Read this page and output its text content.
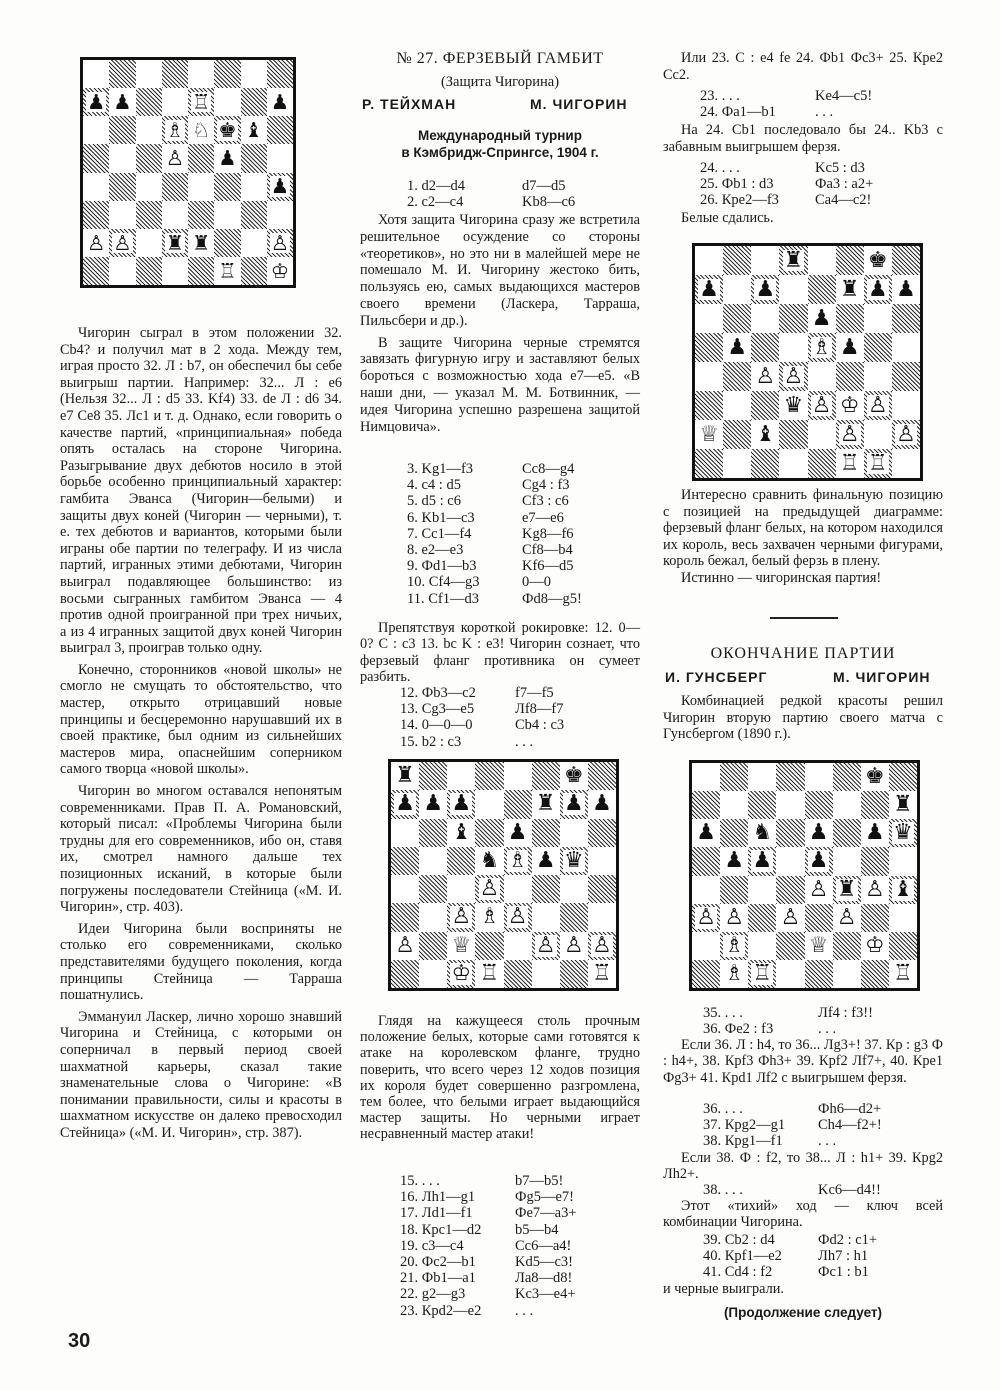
♟ ♟	♖	♟
♗ ♘ ♚ ♝
♙ ♟
♟
♙ ♙ ♜ ♜	♙
♖ ♔

Чигорин сыграл в этом положении 32. Cb4? и получил мат в 2 хода. Между тем, играя просто 32. Л : b7, он обеспечил бы себе выигрыш партии. Например: 32... Л : e6 (Нельзя 32... Л : d5 33. Kf4) 33. de Л : d6 34. e7 Ce8 35. Лc1 и т. д. Однако, если говорить о качестве партий, «принципиальная» победа опять осталась на стороне Чигорина. Разыгрывание двух дебютов носило в этой борьбе особенно принципиальный характер: гамбита Эванса (Чигорин—белыми) и защиты двух коней (Чигорин — черными), т. е. тех дебютов и вариантов, которыми были играны обе партии по телеграфу. И из числа партий, игранных этими дебютами, Чигорин выиграл подавляющее большинство: из восьми сыгранных гамбитом Эванса — 4 против одной проигранной при трех ничьих, а из 4 игранных защитой двух коней Чигорин выиграл 3, проиграв только одну.

Конечно, сторонников «новой школы» не смогло не смущать то обстоятельство, что мастер, открыто отрицавший новые принципы и бесцеремонно нарушавший их в своей практике, был одним из сильнейших мастеров мира, опаснейшим соперником самого творца «новой школы».

Чигорин во многом оставался непонятым современниками. Прав П. А. Романовский, который писал: «Проблемы Чигорина были трудны для его современников, ибо он, ставя их, смотрел намного дальше тех позиционных исканий, в которые были погружены последователи Стейница («М. И. Чигорин», стр. 403).

Идеи Чигорина были восприняты не столько его современниками, сколько представителями будущего поколения, когда принципы Стейница — Тарраша пошатнулись.

Эммануил Ласкер, лично хорошо знавший Чигорина и Стейница, с которыми он соперничал в первый период своей шахматной карьеры, сказал такие знаменательные слова о Чигорине: «В понимании правильности, силы и красоты в шахматном искусстве он далеко превосходил Стейница» («М. И. Чигорин», стр. 387).

30
№ 27. ФЕРЗЕВЫЙ ГАМБИТ
(Защита Чигорина)
Р. ТЕЙХМАН	М. ЧИГОРИН
Международный турнир
в Кэмбридж-Спрингсе, 1904 г.
1. d2—d4	d7—d5
2. c2—c4	Kb8—c6

Хотя защита Чигорина сразу же встретила решительное осуждение со стороны «теоретиков», но это ни в малейшей мере не помешало М. И. Чигорину жестоко бить, пользуясь ею, самых выдающихся мастеров своего времени (Ласкера, Тарраша, Пильсбери и др.).

В защите Чигорина черные стремятся завязать фигурную игру и заставляют белых бороться с возможностью хода e7—e5. «В наши дни, — указал М. М. Ботвинник, — идея Чигорина успешно разрешена защитой Нимцовича».

3. Kg1—f3	Cc8—g4
4. c4 : d5	Cg4 : f3
5. d5 : c6	Cf3 : c6
6. Kb1—c3	e7—e6
7. Cc1—f4	Kg8—f6
8. e2—e3	Cf8—b4
9. Фd1—b3	Kf6—d5
10. Cf4—g3	0—0
11. Cf1—d3	Фd8—g5!

Препятствуя короткой рокировке: 12. 0—0? C : c3 13. bc K : e3! Чигорин сознает, что ферзевый фланг противника он сумеет разбить.

12. Фb3—c2	f7—f5
13. Cg3—e5	Лf8—f7
14. 0—0—0	Cb4 : c3
15. b2 : c3	. . .
♜	♚
♟ ♟ ♟	♜ ♟ ♟
♝ ♟
♞ ♗ ♟ ♛
♙
♙ ♗ ♙
♙ ♕	♙ ♙ ♙
♔ ♖	♖

Глядя на кажущееся столь прочным положение белых, которые сами готовятся к атаке на королевском фланге, трудно поверить, что всего через 12 ходов позиция их короля будет совершенно разгромлена, тем более, что белыми играет выдающийся мастер защиты. Но черными играет несравненный мастер атаки!

15. . . .	b7—b5!
16. Лh1—g1	Фg5—e7!
17. Лd1—f1	Фe7—a3+
18. Крc1—d2	b5—b4
19. c3—c4	Cc6—a4!
20. Фc2—b1	Kd5—c3!
21. Фb1—a1	Лa8—d8!
22. g2—g3	Kc3—e4+
23. Крd2—e2	. . .

Или 23. C : e4 fe 24. Фb1 Фc3+ 25. Крe2 Cc2.

23. . . .	Ke4—c5!
24. Фa1—b1	. . .

На 24. Cb1 последовало бы 24.. Kb3 с забавным выигрышем ферзя.

24. . . .	Kc5 : d3
25. Фb1 : d3	Фa3 : a2+
26. Крe2—f3	Ca4—c2!

Белые сдались.

♜	♚
♟ ♟	♜ ♟ ♟
♟
♟	♗ ♟
♙ ♙
♛ ♙ ♔ ♙
♕ ♝	♙ ♙
♖ ♖

Интересно сравнить финальную позицию с позицией на предыдущей диаграмме: ферзевый фланг белых, на котором находился их король, весь захвачен черными фигурами, король бежал, белый ферзь в плену.

Истинно — чигоринская партия!

ОКОНЧАНИЕ ПАРТИИ
И. ГУНСБЕРГ	М. ЧИГОРИН

Комбинацией редкой красоты решил Чигорин вторую партию своего матча с Гунсбергом (1890 г.).

♚
♜
♟ ♞ ♟ ♟ ♛
♟ ♟ ♟
♙ ♜ ♙ ♝
♙ ♙ ♙ ♙
♗	♕ ♔
♗ ♖	♖
35. . . .	Лf4 : f3!!
36. Фe2 : f3	. . .

Если 36. Л : h4, то 36... Лg3+! 37. Кр : g3 Ф : h4+, 38. Крf3 Фh3+ 39. Крf2 Лf7+, 40. Крe1 Фg3+ 41. Крd1 Лf2 с выигрышем ферзя.

36. . . .	Фh6—d2+
37. Крg2—g1	Ch4—f2+!
38. Крg1—f1	. . .

Если 38. Ф : f2, то 38... Л : h1+ 39. Крg2 Лh2+.

38. . . .	Kc6—d4!!

Этот «тихий» ход — ключ всей комбинации Чигорина.

39. Cb2 : d4	Фd2 : c1+
40. Крf1—e2	Лh7 : h1
41. Cd4 : f2	Фc1 : b1

и черные выиграли.

(Продолжение следует)
